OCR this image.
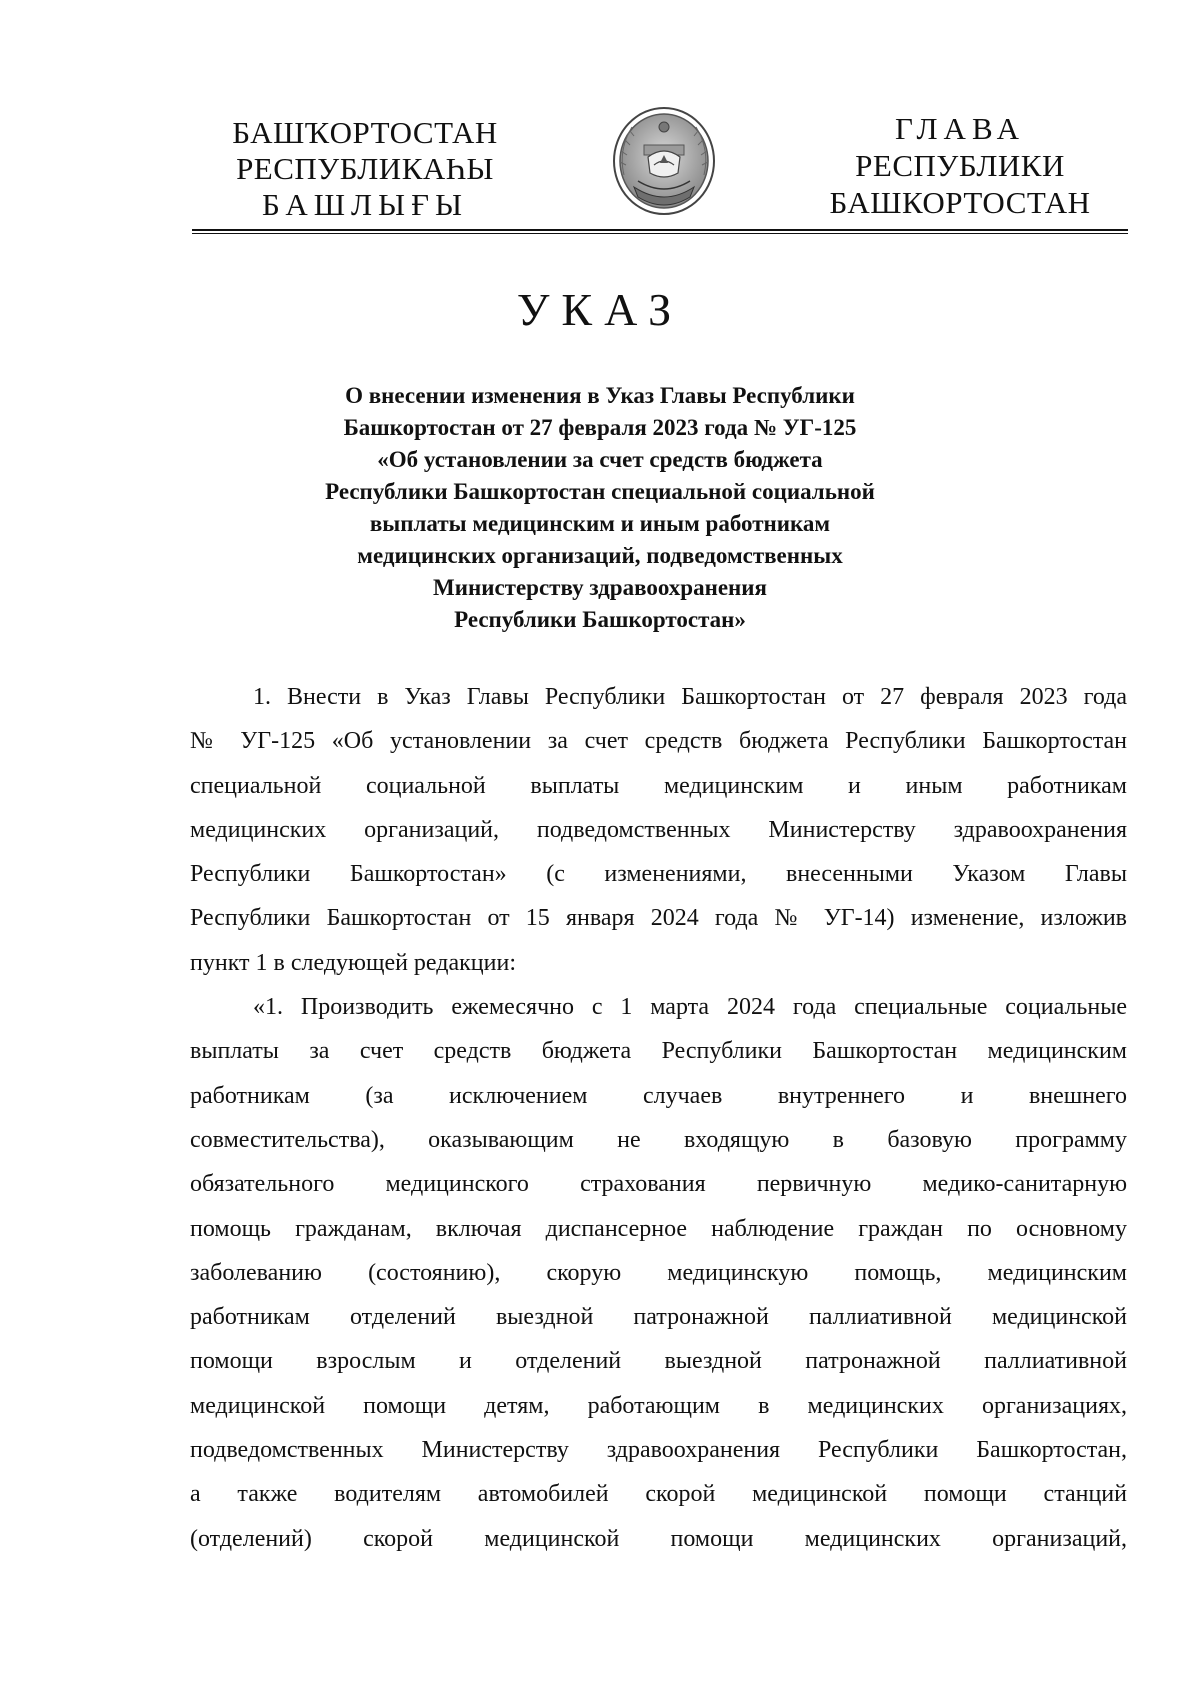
БАШҠОРТОСТАН
РЕСПУБЛИКАҺЫ
БАШЛЫҒЫ
ГЛАВА
РЕСПУБЛИКИ
БАШКОРТОСТАН
УКАЗ
О внесении изменения в Указ Главы Республики
Башкортостан от 27 февраля 2023 года № УГ-125
«Об установлении за счет средств бюджета
Республики Башкортостан специальной социальной
выплаты медицинским и иным работникам
медицинских организаций, подведомственных
Министерству здравоохранения
Республики Башкортостан»
1. Внести в Указ Главы Республики Башкортостан от 27 февраля 2023 года
№ УГ-125 «Об установлении за счет средств бюджета Республики Башкортостан
специальной социальной выплаты медицинским и иным работникам
медицинских организаций, подведомственных Министерству здравоохранения
Республики Башкортостан» (с изменениями, внесенными Указом Главы
Республики Башкортостан от 15 января 2024 года № УГ-14) изменение, изложив
пункт 1 в следующей редакции:
«1. Производить ежемесячно с 1 марта 2024 года специальные социальные
выплаты за счет средств бюджета Республики Башкортостан медицинским
работникам (за исключением случаев внутреннего и внешнего
совместительства), оказывающим не входящую в базовую программу
обязательного медицинского страхования первичную медико-санитарную
помощь гражданам, включая диспансерное наблюдение граждан по основному
заболеванию (состоянию), скорую медицинскую помощь, медицинским
работникам отделений выездной патронажной паллиативной медицинской
помощи взрослым и отделений выездной патронажной паллиативной
медицинской помощи детям, работающим в медицинских организациях,
подведомственных Министерству здравоохранения Республики Башкортостан,
а также водителям автомобилей скорой медицинской помощи станций
(отделений) скорой медицинской помощи медицинских организаций,
